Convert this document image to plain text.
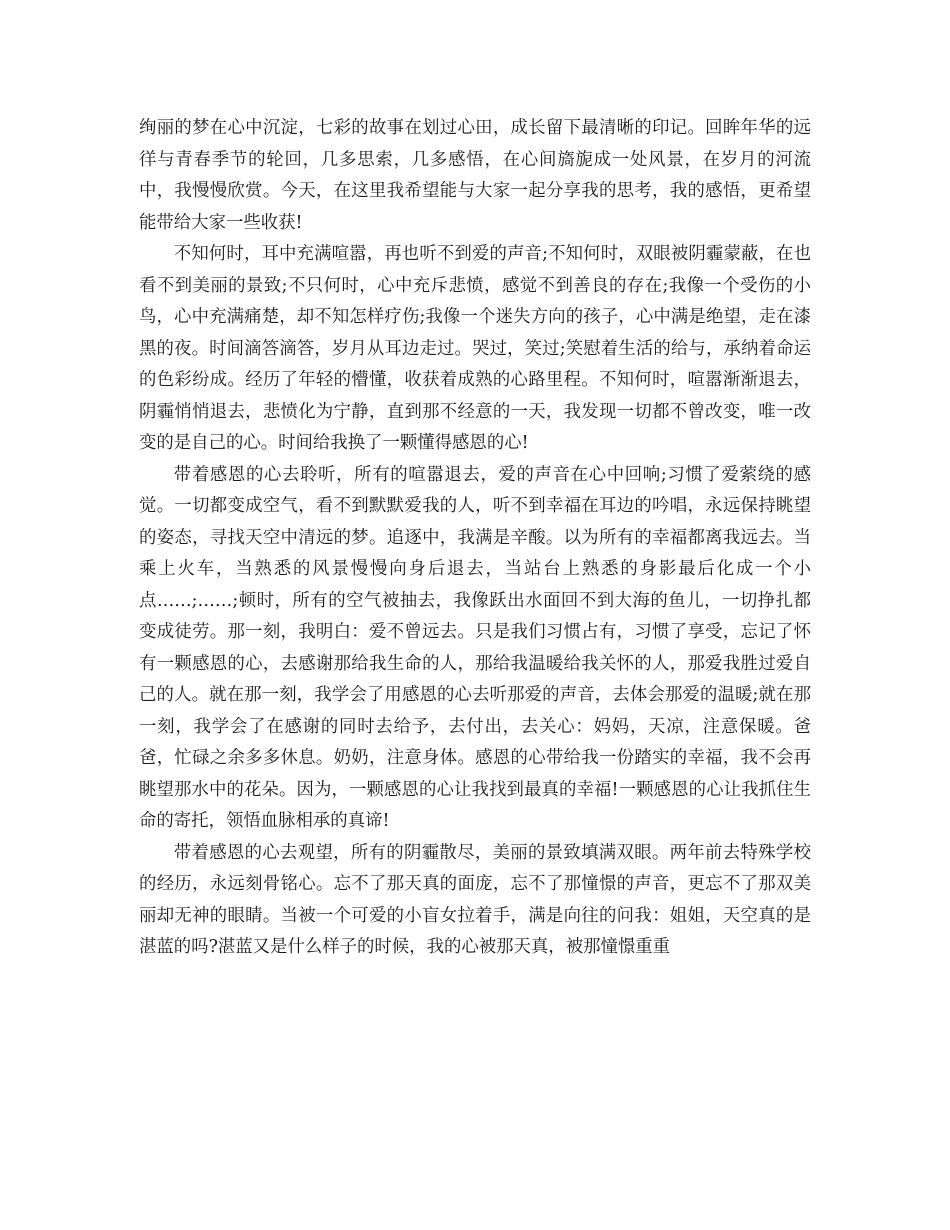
绚丽的梦在心中沉淀，七彩的故事在划过心田，成长留下最清晰的印记。回眸年华的远徉与青春季节的轮回，几多思索，几多感悟，在心间旖旎成一处风景，在岁月的河流中，我慢慢欣赏。今天，在这里我希望能与大家一起分享我的思考，我的感悟，更希望能带给大家一些收获!

不知何时，耳中充满喧嚣，再也听不到爱的声音;不知何时，双眼被阴霾蒙蔽，在也看不到美丽的景致;不只何时，心中充斥悲愤，感觉不到善良的存在;我像一个受伤的小鸟，心中充满痛楚，却不知怎样疗伤;我像一个迷失方向的孩子，心中满是绝望，走在漆黑的夜。时间滴答滴答，岁月从耳边走过。哭过，笑过;笑慰着生活的给与，承纳着命运的色彩纷成。经历了年轻的懵懂，收获着成熟的心路里程。不知何时，喧嚣渐渐退去，阴霾悄悄退去，悲愤化为宁静，直到那不经意的一天，我发现一切都不曾改变，唯一改变的是自己的心。时间给我换了一颗懂得感恩的心!

带着感恩的心去聆听，所有的喧嚣退去，爱的声音在心中回响;习惯了爱萦绕的感觉。一切都变成空气，看不到默默爱我的人，听不到幸福在耳边的吟唱，永远保持眺望的姿态，寻找天空中清远的梦。追逐中，我满是辛酸。以为所有的幸福都离我远去。当乘上火车，当熟悉的风景慢慢向身后退去，当站台上熟悉的身影最后化成一个小点……;……;顿时，所有的空气被抽去，我像跃出水面回不到大海的鱼儿，一切挣扎都变成徒劳。那一刻，我明白：爱不曾远去。只是我们习惯占有，习惯了享受，忘记了怀有一颗感恩的心，去感谢那给我生命的人，那给我温暖给我关怀的人，那爱我胜过爱自己的人。就在那一刻，我学会了用感恩的心去听那爱的声音，去体会那爱的温暖;就在那一刻，我学会了在感谢的同时去给予，去付出，去关心：妈妈，天凉，注意保暖。爸爸，忙碌之余多多休息。奶奶，注意身体。感恩的心带给我一份踏实的幸福，我不会再眺望那水中的花朵。因为，一颗感恩的心让我找到最真的幸福!一颗感恩的心让我抓住生命的寄托，领悟血脉相承的真谛!

带着感恩的心去观望，所有的阴霾散尽，美丽的景致填满双眼。两年前去特殊学校的经历，永远刻骨铭心。忘不了那天真的面庞，忘不了那憧憬的声音，更忘不了那双美丽却无神的眼睛。当被一个可爱的小盲女拉着手，满是向往的问我：姐姐，天空真的是湛蓝的吗?湛蓝又是什么样子的时候，我的心被那天真，被那憧憬重重
